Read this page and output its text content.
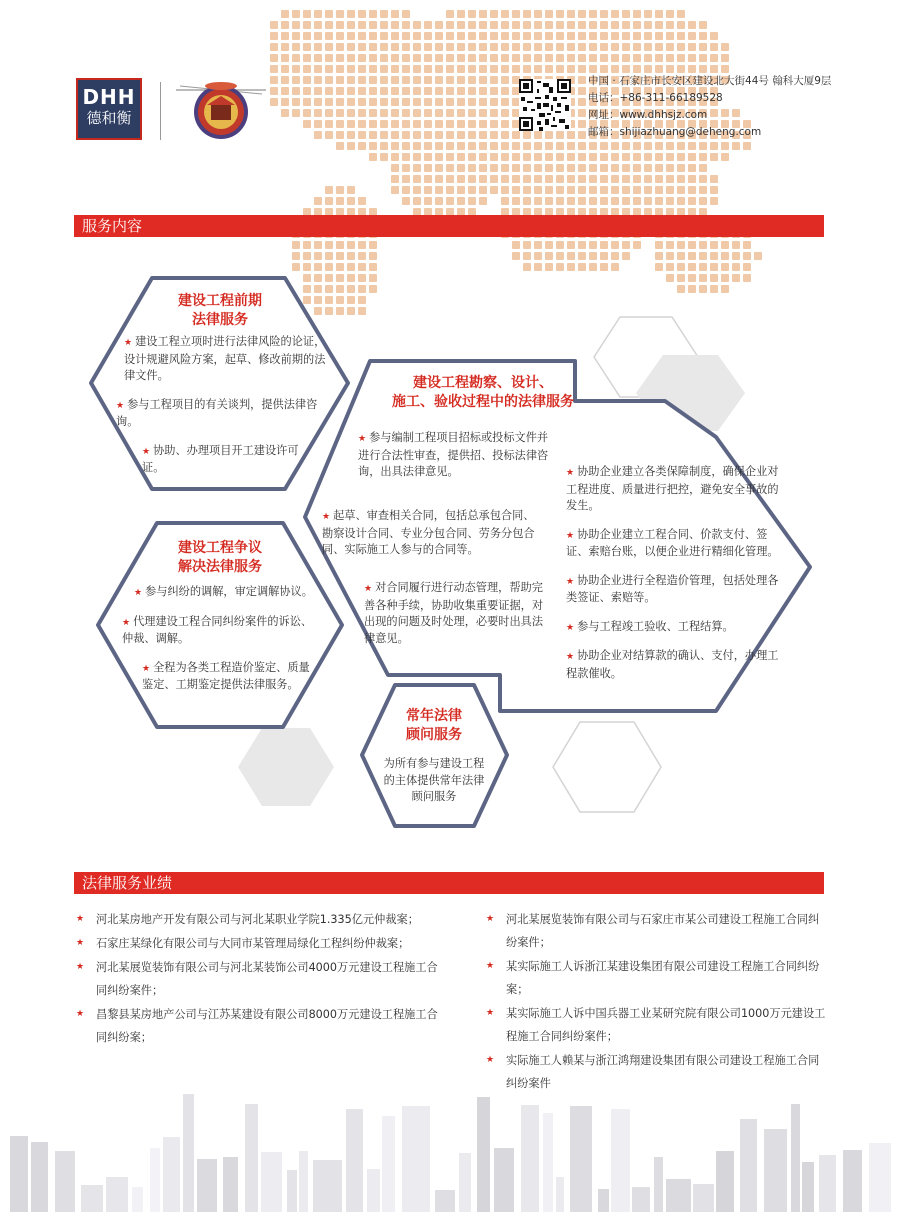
DHH
德和衡
中国 · 石家庄市长安区建设北大街44号 翰科大厦9层
电话：+86-311-66189528
网址：www.dhhsjz.com
邮箱：shijiazhuang@deheng.com
服务内容
建设工程前期
法律服务
★ 建设工程立项时进行法律风险的论证，设计规避风险方案，起草、修改前期的法律文件。
★ 参与工程项目的有关谈判，提供法律咨询。
★ 协助、办理项目开工建设许可证。
建设工程勘察、设计、
施工、验收过程中的法律服务
★ 参与编制工程项目招标或投标文件并进行合法性审查，提供招、投标法律咨询，出具法律意见。
★ 起草、审查相关合同，包括总承包合同、勘察设计合同、专业分包合同、劳务分包合同、实际施工人参与的合同等。
★ 对合同履行进行动态管理，帮助完善各种手续，协助收集重要证据，对出现的问题及时处理，必要时出具法律意见。
★ 协助企业建立各类保障制度，确保企业对工程进度、质量进行把控，避免安全事故的发生。
★ 协助企业建立工程合同、价款支付、签证、索赔台账，以便企业进行精细化管理。
★ 协助企业进行全程造价管理，包括处理各类签证、索赔等。
★ 参与工程竣工验收、工程结算。
★ 协助企业对结算款的确认、支付，办理工程款催收。
建设工程争议
解决法律服务
★ 参与纠纷的调解，审定调解协议。
★ 代理建设工程合同纠纷案件的诉讼、仲裁、调解。
★ 全程为各类工程造价鉴定、质量鉴定、工期鉴定提供法律服务。
常年法律
顾问服务
为所有参与建设工程的主体提供常年法律顾问服务
法律服务业绩
★ 河北某房地产开发有限公司与河北某职业学院1.335亿元仲裁案；
★ 石家庄某绿化有限公司与大同市某管理局绿化工程纠纷仲裁案；
★ 河北某展览装饰有限公司与河北某装饰公司4000万元建设工程施工合同纠纷案件；
★ 昌黎县某房地产公司与江苏某建设有限公司8000万元建设工程施工合同纠纷案；
★ 河北某展览装饰有限公司与石家庄市某公司建设工程施工合同纠纷案件；
★ 某实际施工人诉浙江某建设集团有限公司建设工程施工合同纠纷案；
★ 某实际施工人诉中国兵器工业某研究院有限公司1000万元建设工程施工合同纠纷案件；
★ 实际施工人赖某与浙江鸿翔建设集团有限公司建设工程施工合同纠纷案件
